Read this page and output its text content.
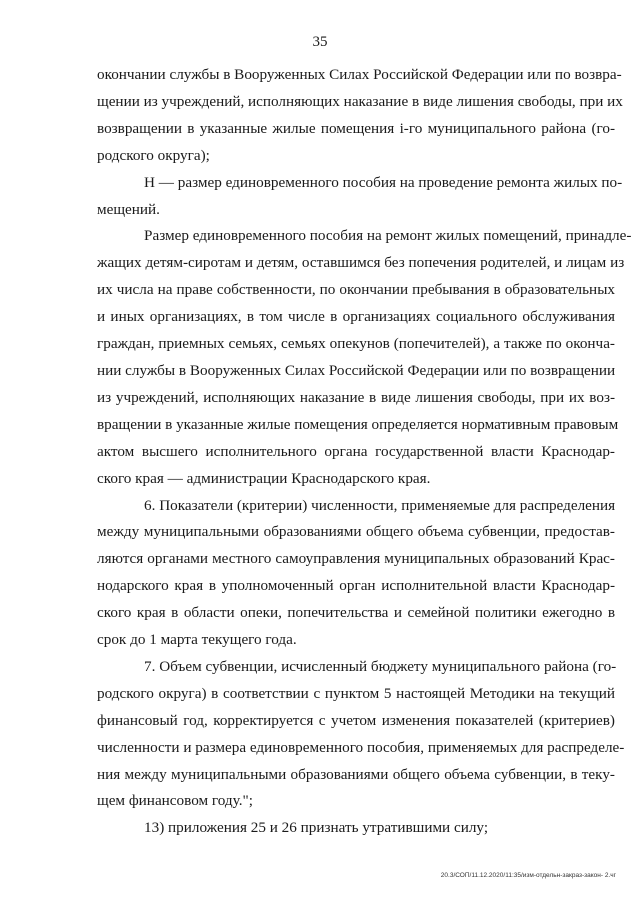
35
окончании службы в Вооруженных Силах Российской Федерации или по возвра-
щении из учреждений, исполняющих наказание в виде лишения свободы, при их
возвращении в указанные жилые помещения i-го муниципального района (го-
родского округа);
Н — размер единовременного пособия на проведение ремонта жилых по-
мещений.
Размер единовременного пособия на ремонт жилых помещений, принадле-
жащих детям-сиротам и детям, оставшимся без попечения родителей, и лицам из
их числа на праве собственности, по окончании пребывания в образовательных
и иных организациях, в том числе в организациях социального обслуживания
граждан, приемных семьях, семьях опекунов (попечителей), а также по оконча-
нии службы в Вооруженных Силах Российской Федерации или по возвращении
из учреждений, исполняющих наказание в виде лишения свободы, при их воз-
вращении в указанные жилые помещения определяется нормативным правовым
актом высшего исполнительного органа государственной власти Краснодар-
ского края — администрации Краснодарского края.
6. Показатели (критерии) численности, применяемые для распределения
между муниципальными образованиями общего объема субвенции, предостав-
ляются органами местного самоуправления муниципальных образований Крас-
нодарского края в уполномоченный орган исполнительной власти Краснодар-
ского края в области опеки, попечительства и семейной политики ежегодно в
срок до 1 марта текущего года.
7. Объем субвенции, исчисленный бюджету муниципального района (го-
родского округа) в соответствии с пунктом 5 настоящей Методики на текущий
финансовый год, корректируется с учетом изменения показателей (критериев)
численности и размера единовременного пособия, применяемых для распределе-
ния между муниципальными образованиями общего объема субвенции, в теку-
щем финансовом году.";
13) приложения 25 и 26 признать утратившими силу;
20.3/СОП/11.12.2020/11:35/изм-отдельн-закраз-закон- 2.чг
